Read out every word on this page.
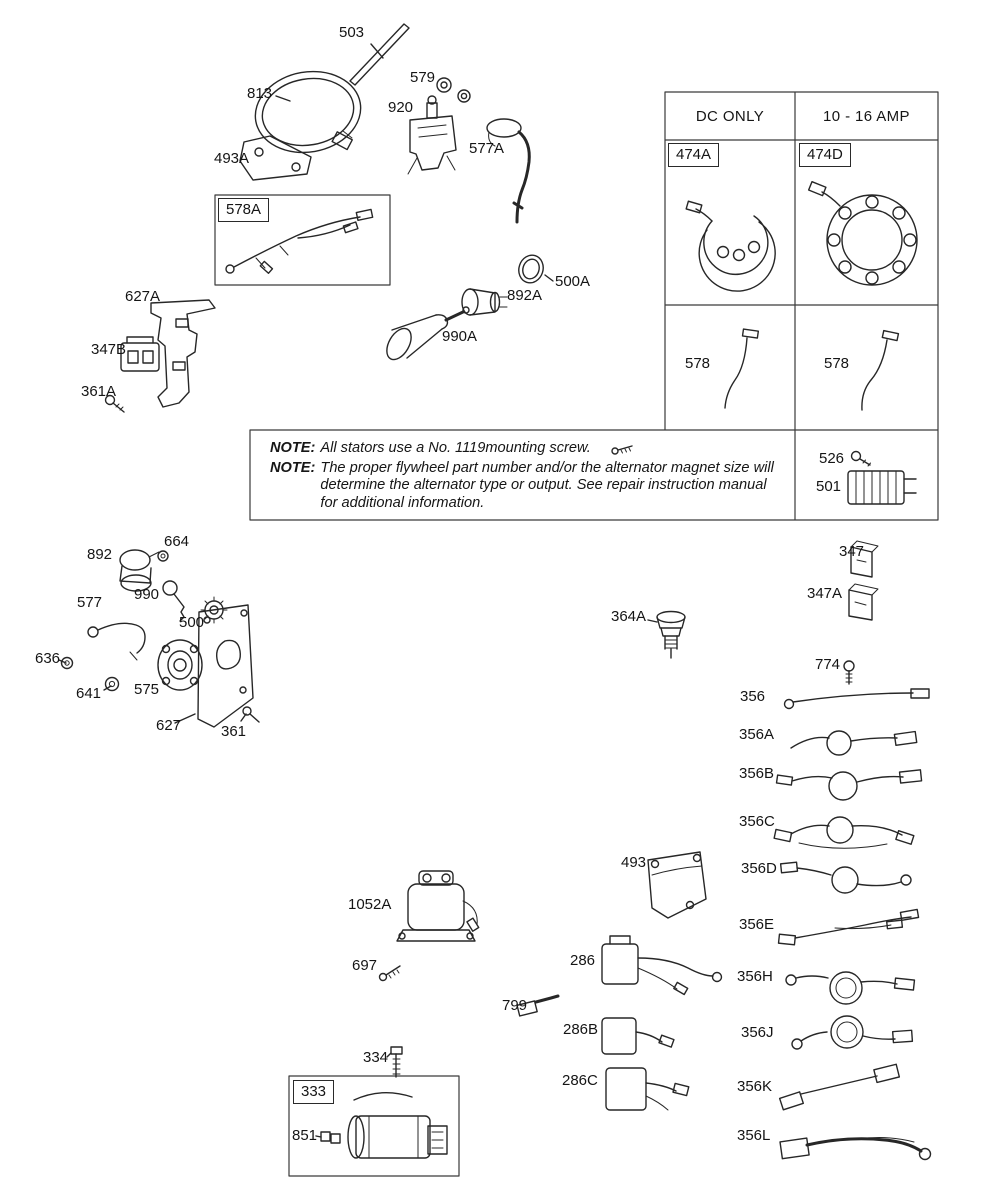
DC ONLY	10 - 16 AMP
474A	474D
578A
333
NOTE: All stators use a No. 1119mounting screw.
NOTE: The proper flywheel part number and/or the alternator magnet size will determine the alternator type or output. See repair instruction manual for additional information.
503
579
813
920
577A
493A
627A
500A
892A
990A
347B
361A
578	578
526
501
664
347
892
347A
990
577
364A
500
636	774
575
641	356
627	361	356A
356B
356C
493	356D
1052A
356E
286
697
356H
799
286B	356J
334
286C	356K
356L
851
